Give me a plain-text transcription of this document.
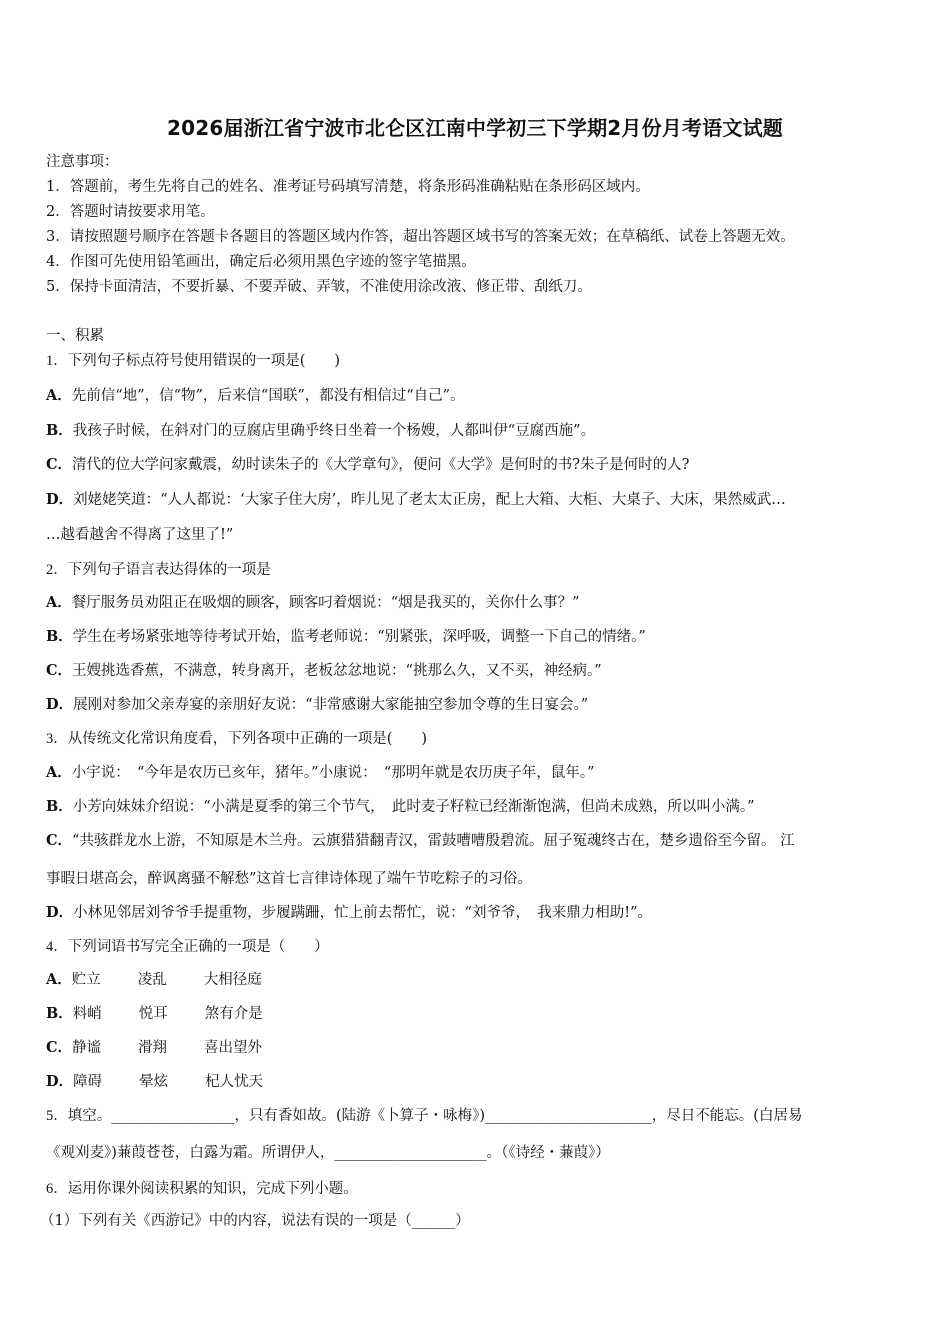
2026届浙江省宁波市北仑区江南中学初三下学期2月份月考语文试题
注意事项：
1．答题前，考生先将自己的姓名、准考证号码填写清楚，将条形码准确粘贴在条形码区域内。
2．答题时请按要求用笔。
3．请按照题号顺序在答题卡各题目的答题区域内作答，超出答题区域书写的答案无效；在草稿纸、试卷上答题无效。
4．作图可先使用铅笔画出，确定后必须用黑色字迹的签字笔描黑。
5．保持卡面清洁，不要折暴、不要弄破、弄皱，不准使用涂改液、修正带、刮纸刀。
一、积累
1．下列句子标点符号使用错误的一项是(　　)
A．先前信“地”，信“物”，后来信“国联”，都没有相信过“自己”。
B．我孩子时候，在斜对门的豆腐店里确乎终日坐着一个杨嫂，人都叫伊“豆腐西施”。
C．清代的位大学问家戴震，幼时读朱子的《大学章句》，便问《大学》是何时的书?朱子是何时的人?
D．刘姥姥笑道：“人人都说：‘大家子住大房’，昨儿见了老太太正房，配上大箱、大柜、大桌子、大床，果然威武…
…越看越舍不得离了这里了!”
2．下列句子语言表达得体的一项是
A．餐厅服务员劝阻正在吸烟的顾客，顾客叼着烟说：“烟是我买的，关你什么事？”
B．学生在考场紧张地等待考试开始，监考老师说：“别紧张，深呼吸，调整一下自己的情绪。”
C．王嫂挑选香蕉，不满意，转身离开，老板忿忿地说：“挑那么久，又不买，神经病。”
D．展刚对参加父亲寿宴的亲朋好友说：“非常感谢大家能抽空参加令尊的生日宴会。”
3．从传统文化常识角度看，下列各项中正确的一项是(　　)
A．小宇说：　“今年是农历已亥年，猪年。”小康说：　“那明年就是农历庚子年，鼠年。”
B．小芳向妹妹介绍说：“小满是夏季的第三个节气，　此时麦子籽粒已经渐渐饱满，但尚未成熟，所以叫小满。”
C．“共骇群龙水上游，不知原是木兰舟。云旗猎猎翻青汉，雷鼓嘈嘈殷碧流。屈子冤魂终古在，楚乡遗俗至今留。 江
事暇日堪高会，醉讽离骚不解愁”这首七言律诗体现了端午节吃粽子的习俗。
D．小林见邻居刘爷爷手提重物，步履蹒跚，忙上前去帮忙，说：“刘爷爷，　我来鼎力相助!”。
4．下列词语书写完全正确的一项是（　　）
A．贮立	凌乱	大相径庭
B．料峭	悦耳	煞有介是
C．静谧	滑翔	喜出望外
D．障碍	晕炫	杞人忧天
5．填空。_________________，只有香如故。(陆游《卜算子・咏梅》)_______________________，尽日不能忘。(白居易
《观刈麦》)蒹葭苍苍，白露为霜。所谓伊人，_____________________。（《诗经・蒹葭》）
6．运用你课外阅读积累的知识，完成下列小题。
（1）下列有关《西游记》中的内容，说法有误的一项是（______）
